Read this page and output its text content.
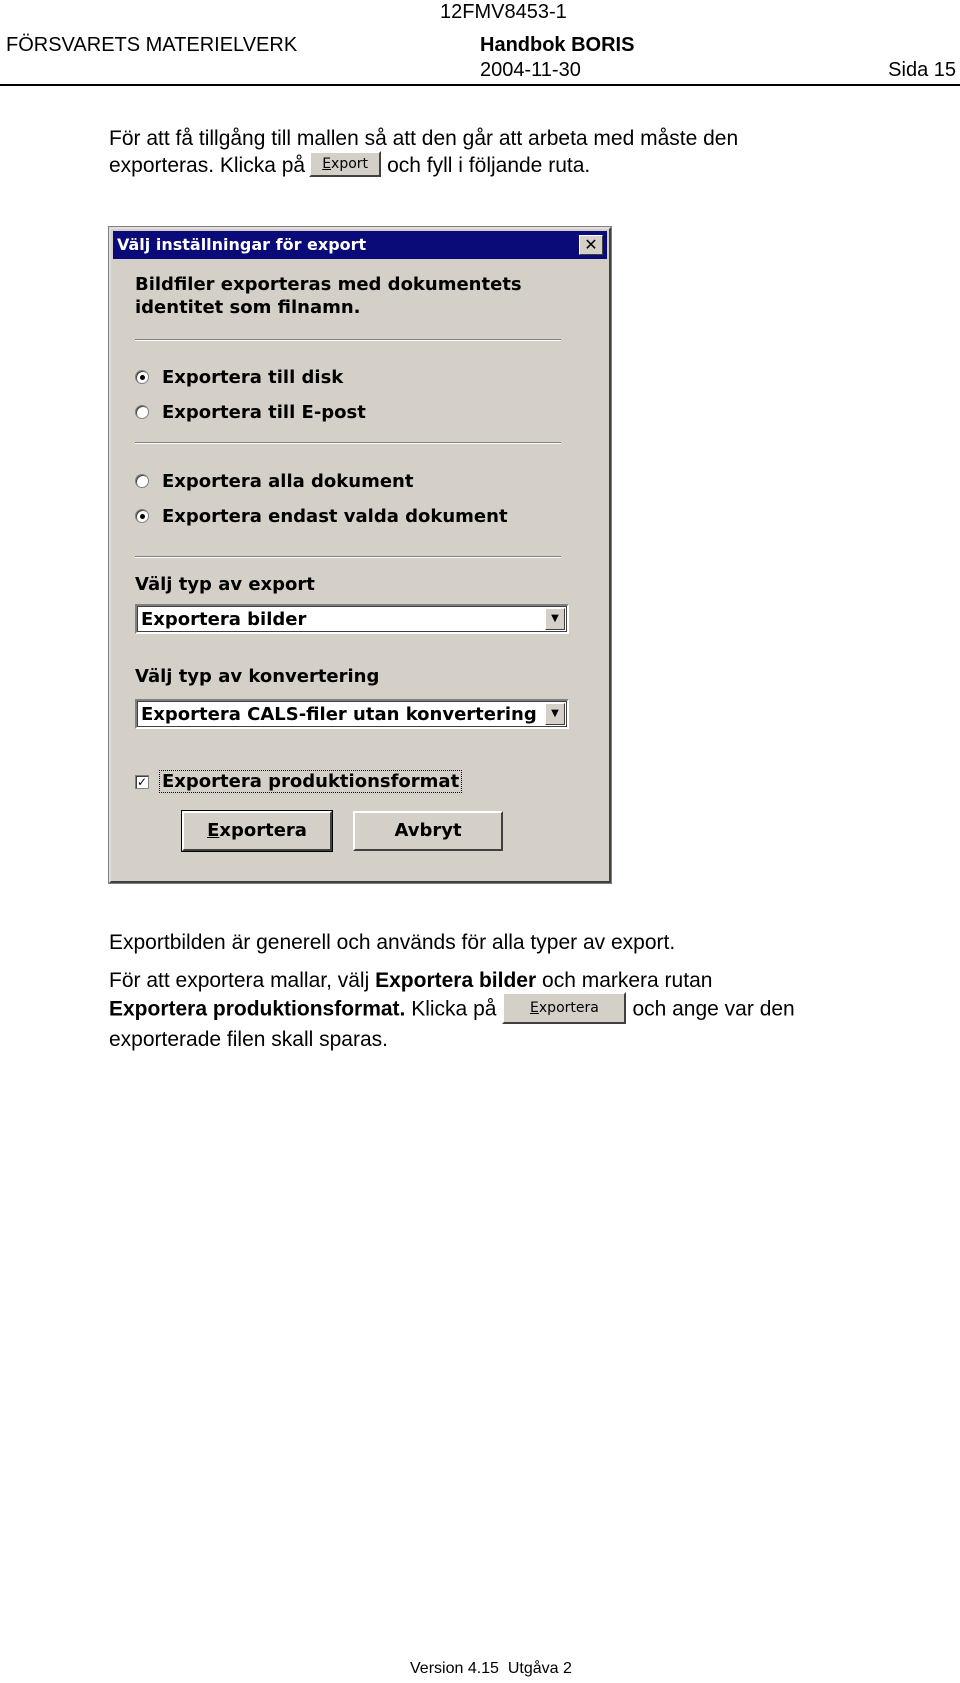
12FMV8453-1
FÖRSVARETS MATERIELVERK	Handbok BORIS
2004-11-30	Sida 15
För att få tillgång till mallen så att den går att arbeta med måste den
exporteras. Klicka på Export och fyll i följande ruta.
Välj inställningar för export	✕
Bildfiler exporteras med dokumentets identitet som filnamn.
Exportera till disk
Exportera till E-post
Exportera alla dokument
Exportera endast valda dokument
Välj typ av export
Exportera bilder	▼
Välj typ av konvertering
Exportera CALS-filer utan konvertering	▼
✓ Exportera produktionsformat
Exportera	Avbryt
Exportbilden är generell och används för alla typer av export.
För att exportera mallar, välj Exportera bilder och markera rutan
Exportera produktionsformat. Klicka på Exportera och ange var den
exporterade filen skall sparas.
Version 4.15  Utgåva 2
